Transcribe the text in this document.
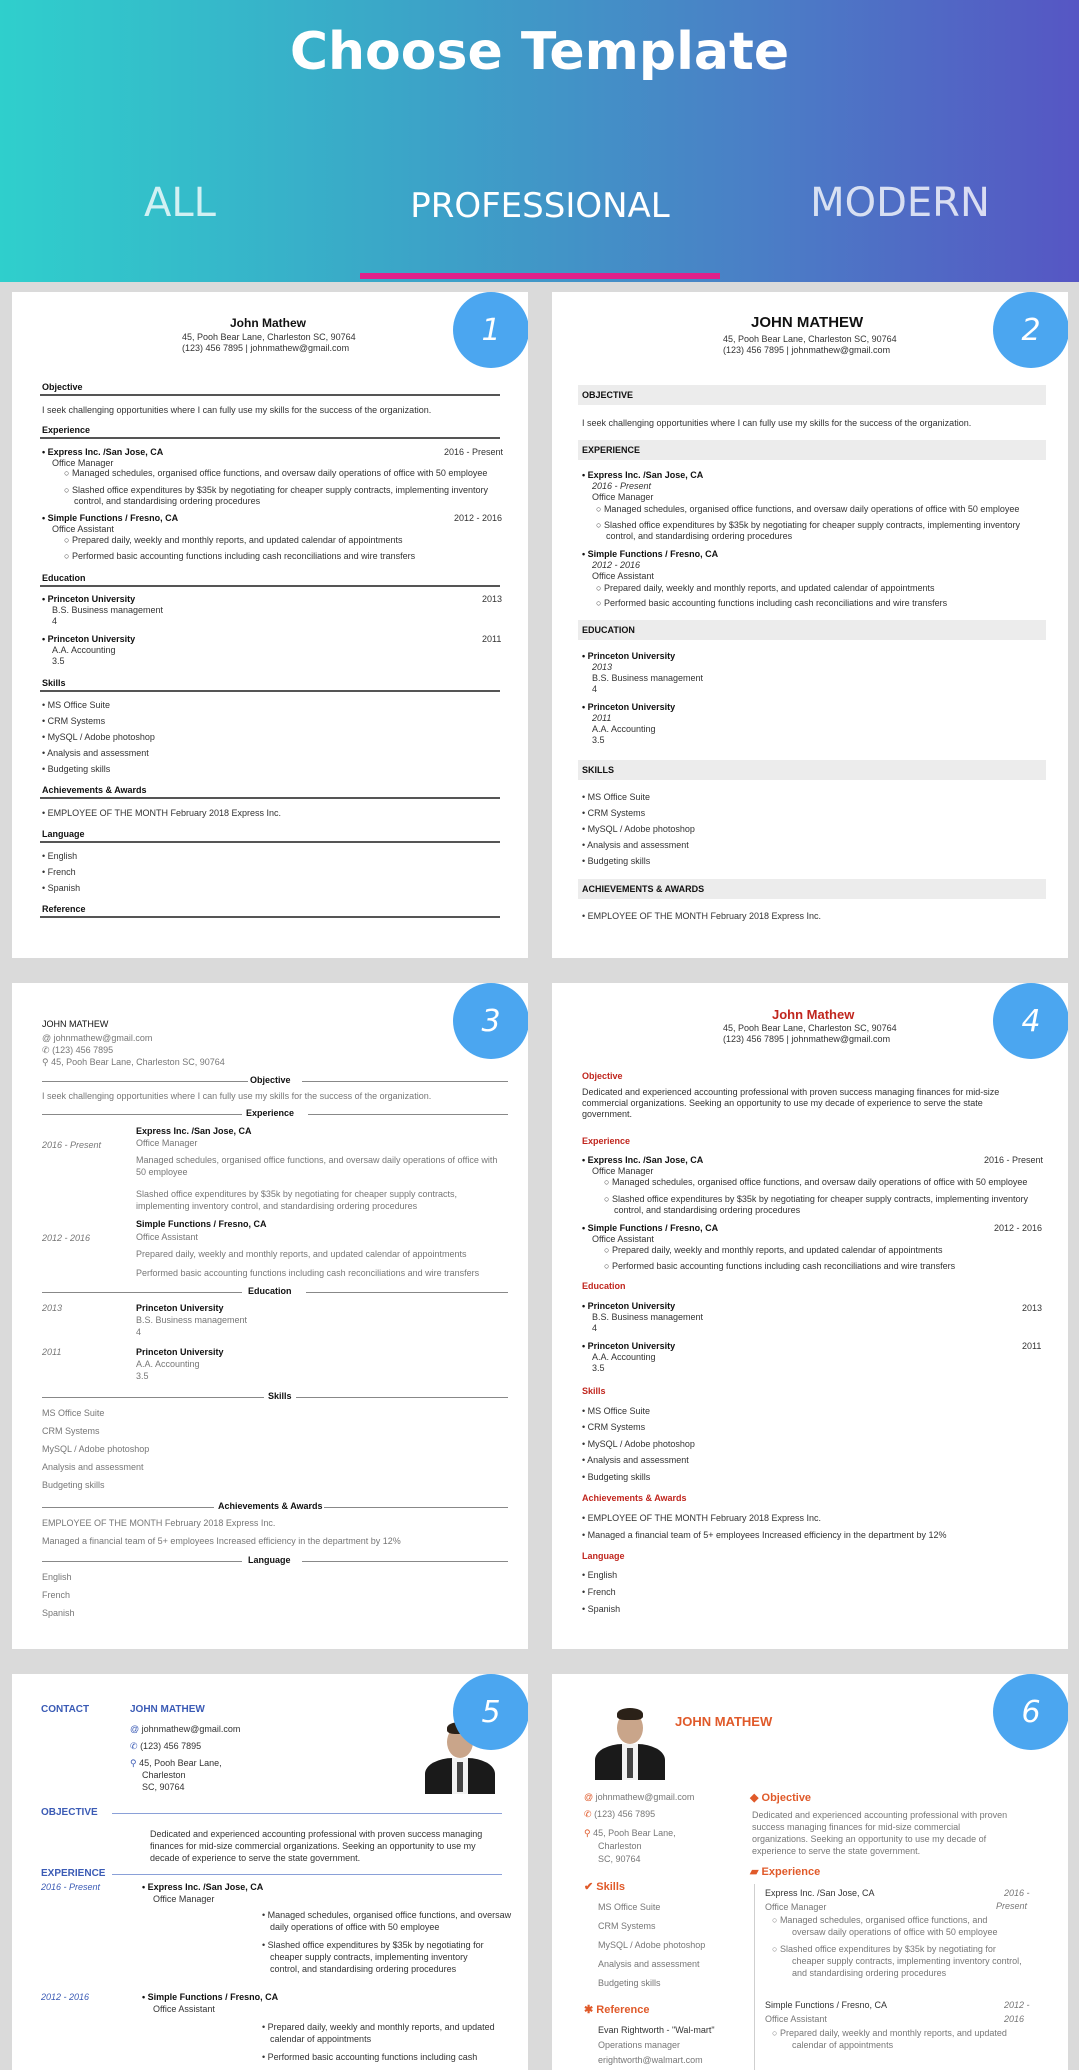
Choose Template
ALL	PROFESSIONAL	MODERN
John Mathew
45, Pooh Bear Lane, Charleston SC, 90764
(123) 456 7895 | johnmathew@gmail.com
Objective
I seek challenging opportunities where I can fully use my skills for the success of the organization.
Experience
• Express Inc. /San Jose, CA	2016 - Present
Office Manager
○ Managed schedules, organised office functions, and oversaw daily operations of office with 50 employee
○ Slashed office expenditures by $35k by negotiating for cheaper supply contracts, implementing inventory
control, and standardising ordering procedures
• Simple Functions / Fresno, CA	2012 - 2016
Office Assistant
○ Prepared daily, weekly and monthly reports, and updated calendar of appointments
○ Performed basic accounting functions including cash reconciliations and wire transfers
Education
• Princeton University	2013
B.S. Business management
4
• Princeton University	2011
A.A. Accounting
3.5
Skills
• MS Office Suite
• CRM Systems
• MySQL / Adobe photoshop
• Analysis and assessment
• Budgeting skills
Achievements & Awards
• EMPLOYEE OF THE MONTH February 2018 Express Inc.
Language
• English
• French
• Spanish
Reference
1	JOHN MATHEW
45, Pooh Bear Lane, Charleston SC, 90764
(123) 456 7895 | johnmathew@gmail.com
OBJECTIVE
I seek challenging opportunities where I can fully use my skills for the success of the organization.
EXPERIENCE
• Express Inc. /San Jose, CA
2016 - Present
Office Manager
○ Managed schedules, organised office functions, and oversaw daily operations of office with 50 employee
○ Slashed office expenditures by $35k by negotiating for cheaper supply contracts, implementing inventory
control, and standardising ordering procedures
• Simple Functions / Fresno, CA
2012 - 2016
Office Assistant
○ Prepared daily, weekly and monthly reports, and updated calendar of appointments
○ Performed basic accounting functions including cash reconciliations and wire transfers
EDUCATION
• Princeton University
2013
B.S. Business management
4
• Princeton University
2011
A.A. Accounting
3.5
SKILLS
• MS Office Suite
• CRM Systems
• MySQL / Adobe photoshop
• Analysis and assessment
• Budgeting skills
ACHIEVEMENTS & AWARDS
• EMPLOYEE OF THE MONTH February 2018 Express Inc.
2
JOHN MATHEW
@ johnmathew@gmail.com
✆ (123) 456 7895
⚲ 45, Pooh Bear Lane, Charleston SC, 90764
Objective
I seek challenging opportunities where I can fully use my skills for the success of the organization.
Experience
2016 - Present
Express Inc. /San Jose, CA
Office Manager
Managed schedules, organised office functions, and oversaw daily operations of office with
50 employee
Slashed office expenditures by $35k by negotiating for cheaper supply contracts,
implementing inventory control, and standardising ordering procedures
2012 - 2016
Simple Functions / Fresno, CA
Office Assistant
Prepared daily, weekly and monthly reports, and updated calendar of appointments
Performed basic accounting functions including cash reconciliations and wire transfers
Education
2013	Princeton University
B.S. Business management
4
2011	Princeton University
A.A. Accounting
3.5
Skills
MS Office Suite
CRM Systems
MySQL / Adobe photoshop
Analysis and assessment
Budgeting skills
Achievements & Awards
EMPLOYEE OF THE MONTH February 2018 Express Inc.
Managed a financial team of 5+ employees Increased efficiency in the department by 12%
Language
English
French
Spanish
3	John Mathew
45, Pooh Bear Lane, Charleston SC, 90764
(123) 456 7895 | johnmathew@gmail.com
Objective
Dedicated and experienced accounting professional with proven success managing finances for mid-size
commercial organizations. Seeking an opportunity to use my decade of experience to serve the state
government.
Experience
• Express Inc. /San Jose, CA	2016 - Present
Office Manager
○ Managed schedules, organised office functions, and oversaw daily operations of office with 50 employee
○ Slashed office expenditures by $35k by negotiating for cheaper supply contracts, implementing inventory
control, and standardising ordering procedures
• Simple Functions / Fresno, CA	2012 - 2016
Office Assistant
○ Prepared daily, weekly and monthly reports, and updated calendar of appointments
○ Performed basic accounting functions including cash reconciliations and wire transfers
Education
• Princeton University	2013
B.S. Business management
4
• Princeton University	2011
A.A. Accounting
3.5
Skills
• MS Office Suite
• CRM Systems
• MySQL / Adobe photoshop
• Analysis and assessment
• Budgeting skills
Achievements & Awards
• EMPLOYEE OF THE MONTH February 2018 Express Inc.
• Managed a financial team of 5+ employees Increased efficiency in the department by 12%
Language
• English
• French
• Spanish
4
CONTACT	JOHN MATHEW
@ johnmathew@gmail.com
✆ (123) 456 7895
⚲ 45, Pooh Bear Lane,
Charleston
SC, 90764
OBJECTIVE
Dedicated and experienced accounting professional with proven success managing
finances for mid-size commercial organizations. Seeking an opportunity to use my
decade of experience to serve the state government.
EXPERIENCE
2016 - Present	• Express Inc. /San Jose, CA
Office Manager
• Managed schedules, organised office functions, and oversaw
daily operations of office with 50 employee
• Slashed office expenditures by $35k by negotiating for
cheaper supply contracts, implementing inventory
control, and standardising ordering procedures
2012 - 2016	• Simple Functions / Fresno, CA
Office Assistant
• Prepared daily, weekly and monthly reports, and updated
calendar of appointments
• Performed basic accounting functions including cash
5	JOHN MATHEW
@ johnmathew@gmail.com
✆ (123) 456 7895
⚲ 45, Pooh Bear Lane,
Charleston
SC, 90764
✔ Skills
MS Office Suite
CRM Systems
MySQL / Adobe photoshop
Analysis and assessment
Budgeting skills
✱ Reference
Evan Rightworth - "Wal-mart"
Operations manager
erightworth@walmart.com
◆ Objective
Dedicated and experienced accounting professional with proven
success managing finances for mid-size commercial
organizations. Seeking an opportunity to use my decade of
experience to serve the state government.
▰ Experience
Express Inc. /San Jose, CA	2016 -
Present
Office Manager
○ Managed schedules, organised office functions, and
oversaw daily operations of office with 50 employee
○ Slashed office expenditures by $35k by negotiating for
cheaper supply contracts, implementing inventory control,
and standardising ordering procedures
Simple Functions / Fresno, CA	2012 -
2016
Office Assistant
○ Prepared daily, weekly and monthly reports, and updated
calendar of appointments
6
